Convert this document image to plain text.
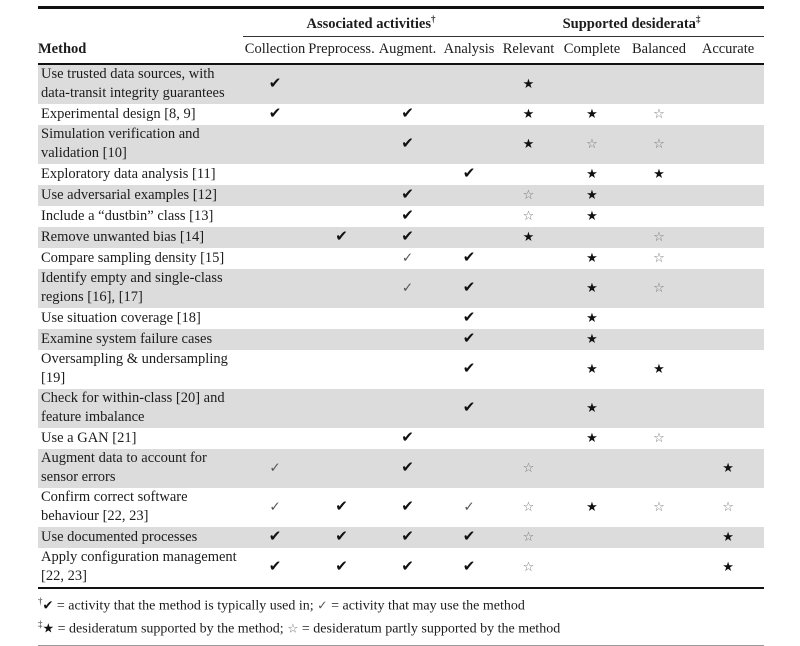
	Associated activities†				Supported desiderata‡

Method	Collection	Preprocess.	Augment.	Analysis	Relevant	Complete	Balanced	Accurate
Use trusted data sources, with data-transit integrity guarantees	✔				★			
Experimental design [8, 9]	✔		✔		★	★	☆	
Simulation verification and validation [10]			✔		★	☆	☆	
Exploratory data analysis [11]				✔		★	★	
Use adversarial examples [12]			✔		☆	★		
Include a “dustbin” class [13]			✔		☆	★		
Remove unwanted bias [14]		✔	✔		★		☆	
Compare sampling density [15]			✓	✔		★	☆	
Identify empty and single-class regions [16], [17]			✓	✔		★	☆	
Use situation coverage [18]				✔		★		
Examine system failure cases				✔		★		
Oversampling & undersampling [19]				✔		★	★	
Check for within-class [20] and feature imbalance				✔		★		
Use a GAN [21]			✔			★	☆	
Augment data to account for sensor errors	✓		✔		☆			★
Confirm correct software behaviour [22, 23]	✓	✔	✔	✓	☆	★	☆	☆
Use documented processes	✔	✔	✔	✔	☆			★
Apply configuration management [22, 23]	✔	✔	✔	✔	☆			★
†✔ = activity that the method is typically used in; ✓ = activity that may use the method
‡★ = desideratum supported by the method; ☆ = desideratum partly supported by the method
